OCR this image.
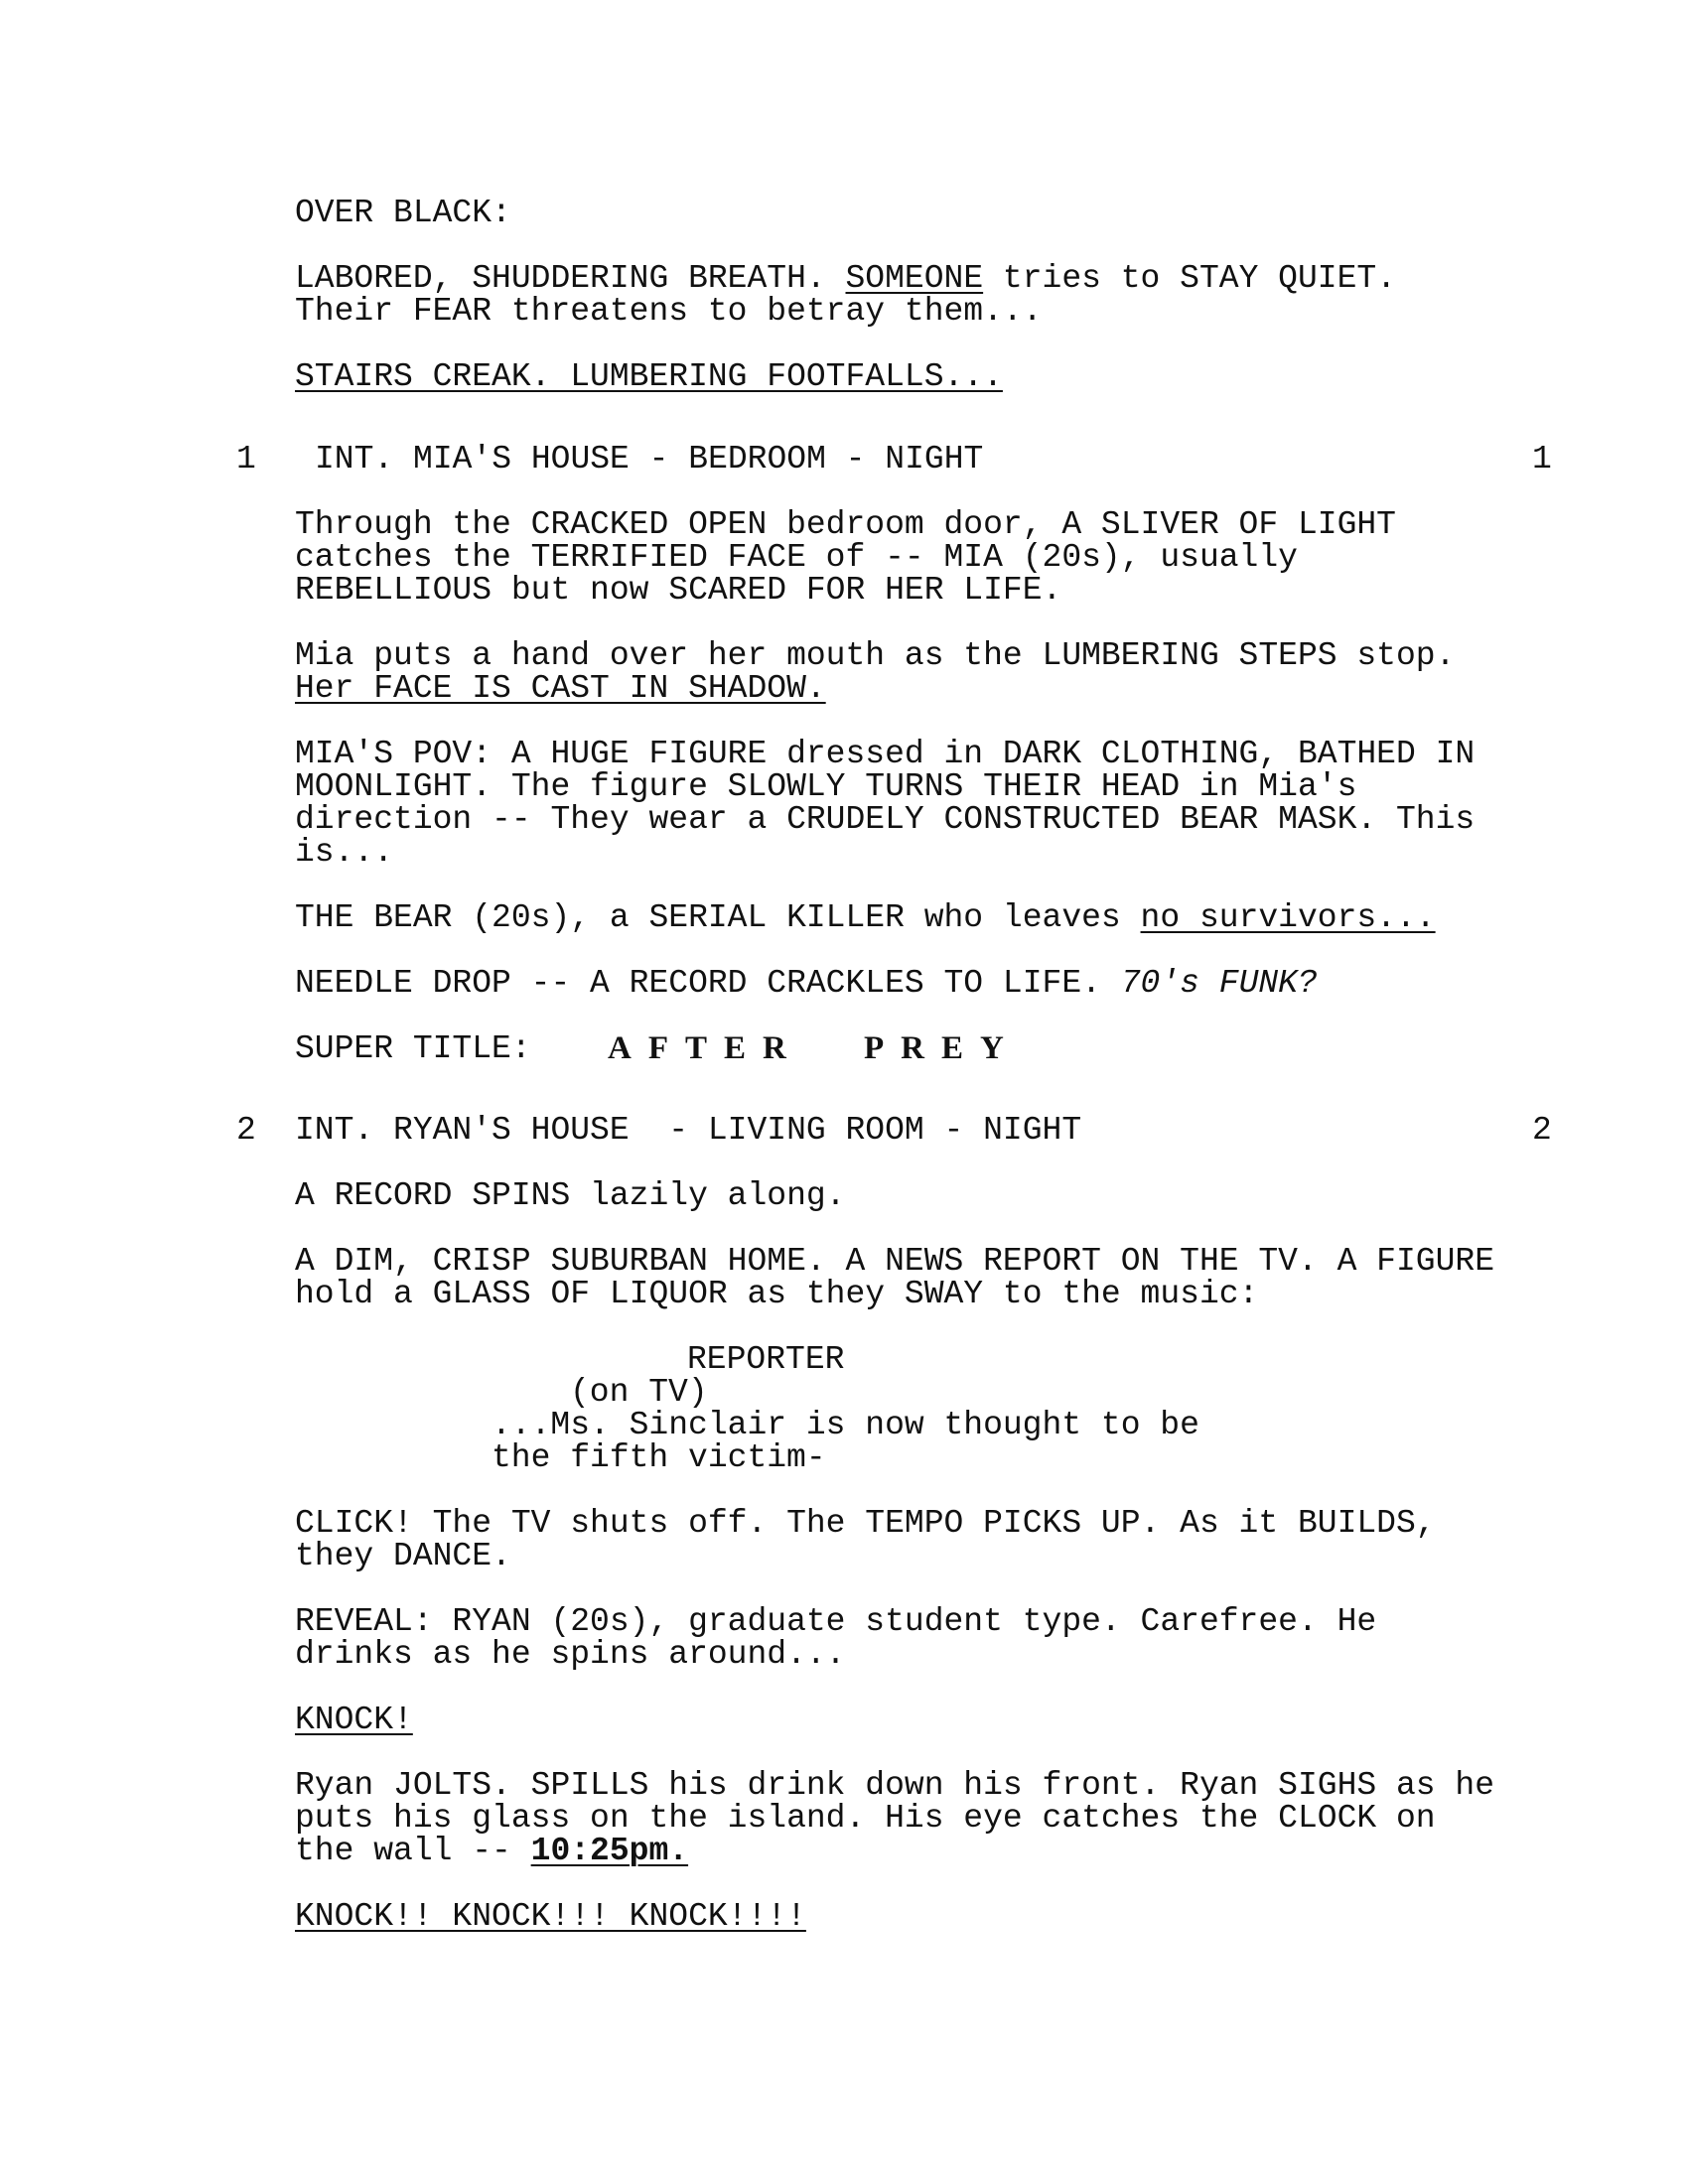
OVER BLACK:
LABORED, SHUDDERING BREATH. SOMEONE tries to STAY QUIET.
Their FEAR threatens to betray them...
STAIRS CREAK. LUMBERING FOOTFALLS...
1 INT. MIA'S HOUSE - BEDROOM - NIGHT	1
Through the CRACKED OPEN bedroom door, A SLIVER OF LIGHT
catches the TERRIFIED FACE of -- MIA (20s), usually
REBELLIOUS but now SCARED FOR HER LIFE.
Mia puts a hand over her mouth as the LUMBERING STEPS stop.
Her FACE IS CAST IN SHADOW.
MIA'S POV: A HUGE FIGURE dressed in DARK CLOTHING, BATHED IN
MOONLIGHT. The figure SLOWLY TURNS THEIR HEAD in Mia's
direction -- They wear a CRUDELY CONSTRUCTED BEAR MASK. This
is...
THE BEAR (20s), a SERIAL KILLER who leaves no survivors...
NEEDLE DROP -- A RECORD CRACKLES TO LIFE. 70's FUNK?
SUPER TITLE: AFTER PREY
2 INT. RYAN'S HOUSE  - LIVING ROOM - NIGHT	2
A RECORD SPINS lazily along.
A DIM, CRISP SUBURBAN HOME. A NEWS REPORT ON THE TV. A FIGURE
hold a GLASS OF LIQUOR as they SWAY to the music:
REPORTER
(on TV)
...Ms. Sinclair is now thought to be
the fifth victim-
CLICK! The TV shuts off. The TEMPO PICKS UP. As it BUILDS,
they DANCE.
REVEAL: RYAN (20s), graduate student type. Carefree. He
drinks as he spins around...
KNOCK!
Ryan JOLTS. SPILLS his drink down his front. Ryan SIGHS as he
puts his glass on the island. His eye catches the CLOCK on
the wall -- 10:25pm.
KNOCK!! KNOCK!!! KNOCK!!!!
